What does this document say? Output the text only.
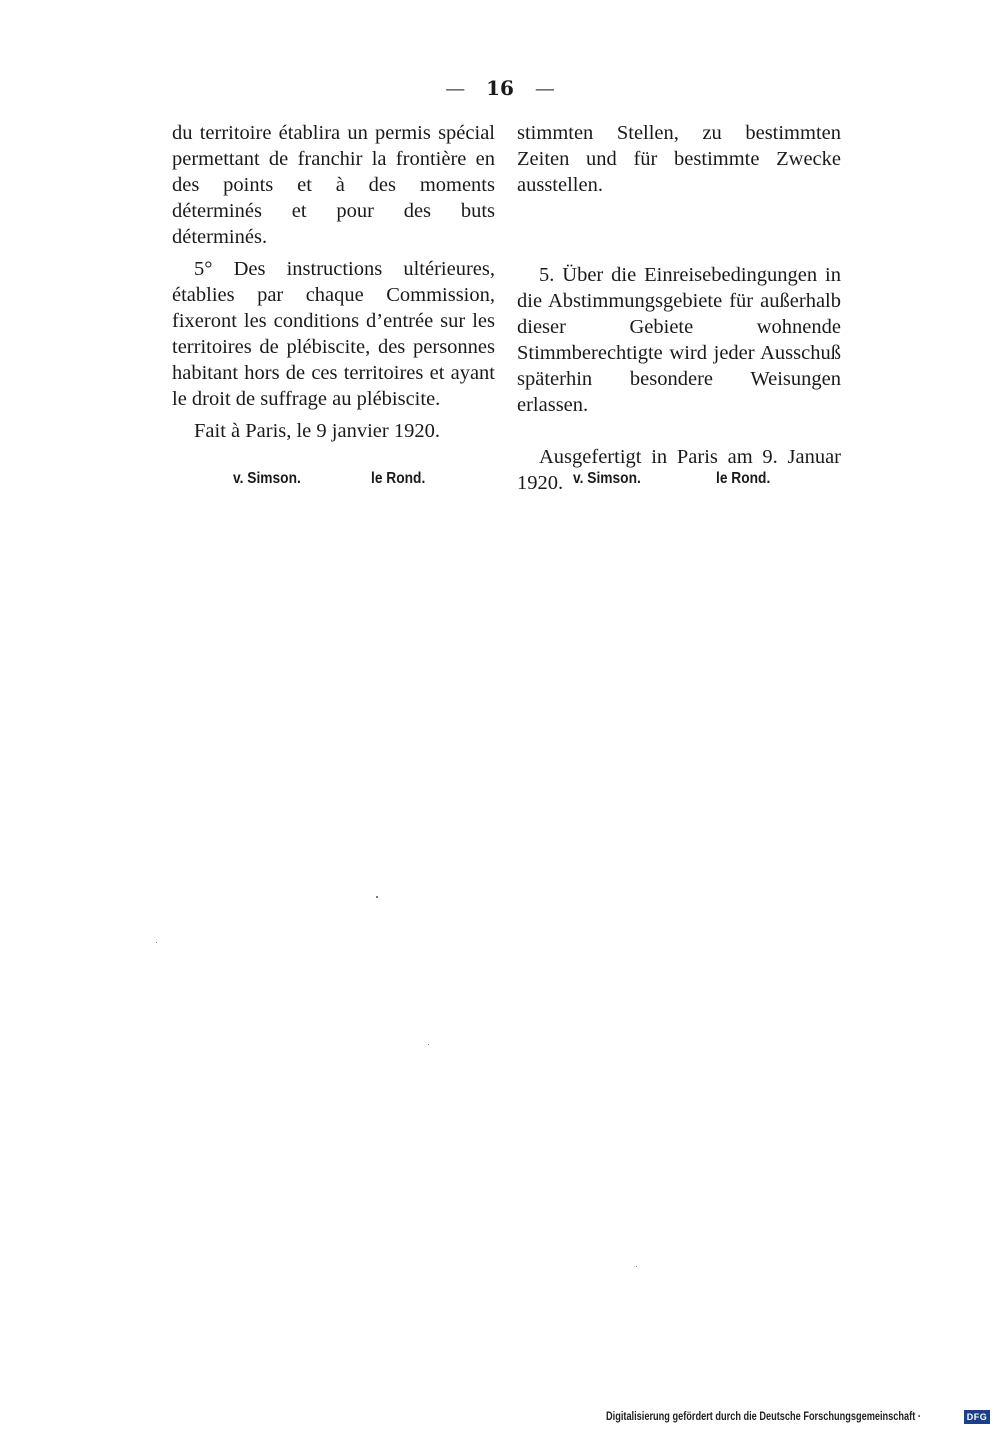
— 16 —

du territoire établira un permis spécial permettant de franchir la frontière en des points et à des moments déterminés et pour des buts déterminés.

5° Des instructions ultérieures, établies par chaque Commission, fixeront les conditions d’entrée sur les territoires de plébiscite, des personnes habitant hors de ces territoires et ayant le droit de suffrage au plébiscite.

Fait à Paris, le 9 janvier 1920.

stimmten Stellen, zu bestimmten Zeiten und für bestimmte Zwecke ausstellen.

5. Über die Einreisebedingungen in die Abstimmungsgebiete für außerhalb dieser Gebiete wohnende Stimmberechtigte wird jeder Ausschuß späterhin besondere Weisungen erlassen.

Ausgefertigt in Paris am 9. Januar 1920.

v. Simson.	le Rond.	v. Simson.	le Rond.
Digitalisierung gefördert durch die Deutsche Forschungsgemeinschaft ·	DFG
